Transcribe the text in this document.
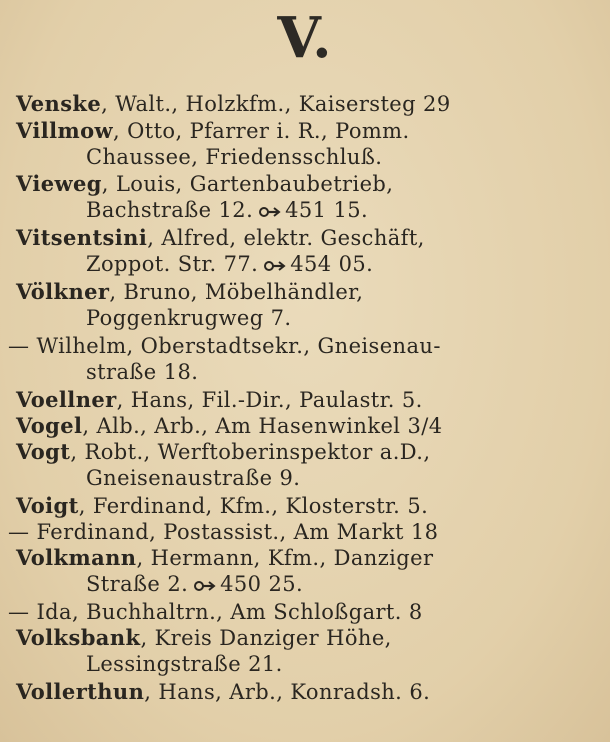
V.
Venske, Walt., Holzkfm., Kaisersteg 29
Villmow, Otto, Pfarrer i. R., Pomm.
Chaussee, Friedensschluß.
Vieweg, Louis, Gartenbaubetrieb,
Bachstraße 12. 451 15.
Vitsentsini, Alfred, elektr. Geschäft,
Zoppot. Str. 77. 454 05.
Völkner, Bruno, Möbelhändler,
Poggenkrugweg 7.
— Wilhelm, Oberstadtsekr., Gneisenau-
straße 18.
Voellner, Hans, Fil.-Dir., Paulastr. 5.
Vogel, Alb., Arb., Am Hasenwinkel 3/4
Vogt, Robt., Werftoberinspektor a.D.,
Gneisenaustraße 9.
Voigt, Ferdinand, Kfm., Klosterstr. 5.
— Ferdinand, Postassist., Am Markt 18
Volkmann, Hermann, Kfm., Danziger
Straße 2. 450 25.
— Ida, Buchhaltrn., Am Schloßgart. 8
Volksbank, Kreis Danziger Höhe,
Lessingstraße 21.
Vollerthun, Hans, Arb., Konradsh. 6.
